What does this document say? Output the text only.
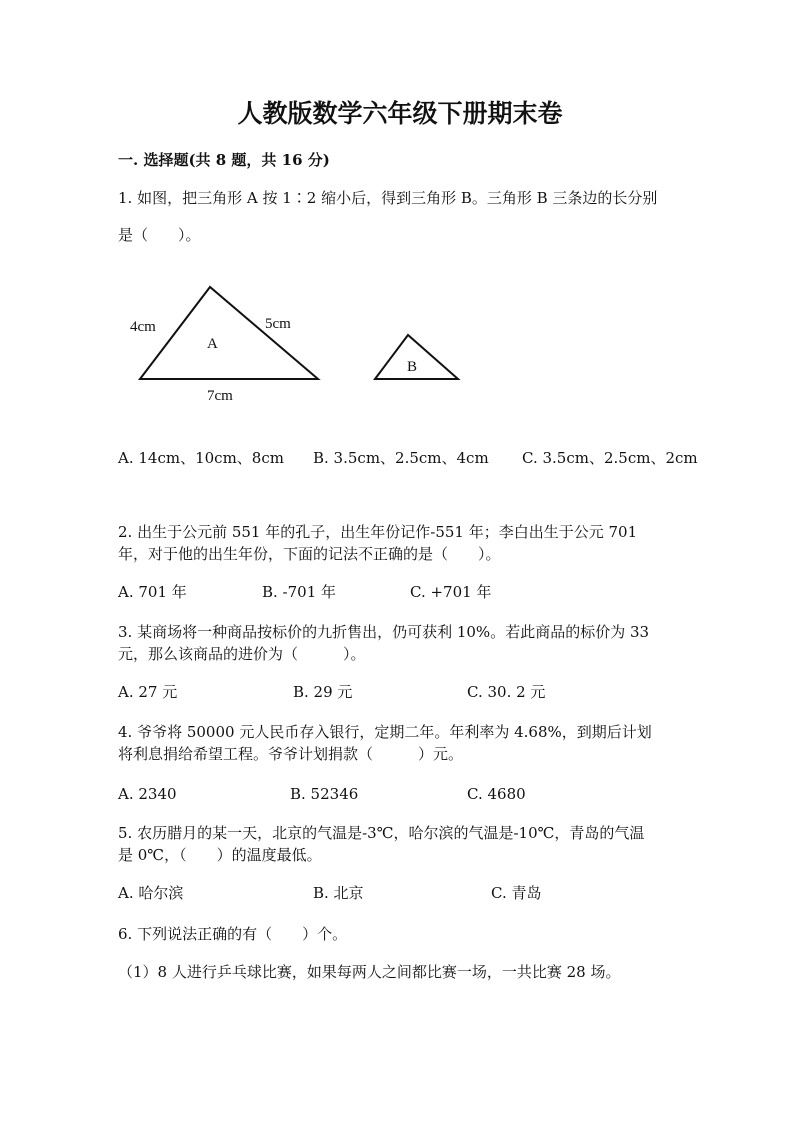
人教版数学六年级下册期末卷
一. 选择题(共 8 题，共 16 分)
1. 如图，把三角形 A 按 1∶2 缩小后，得到三角形 B。三角形 B 三条边的长分别
是（　　）。
4cm	5cm
7cm
A
B
A. 14cm、10cm、8cm B. 3.5cm、2.5cm、4cm C. 3.5cm、2.5cm、2cm
2. 出生于公元前 551 年的孔子，出生年份记作-551 年；李白出生于公元 701
年，对于他的出生年份，下面的记法不正确的是（　　）。
A. 701 年	B. -701 年	C. +701 年
3. 某商场将一种商品按标价的九折售出，仍可获利 10%。若此商品的标价为 33
元，那么该商品的进价为（　　　）。
A. 27 元	B. 29 元	C. 30. 2 元
4. 爷爷将 50000 元人民币存入银行，定期二年。年利率为 4.68%，到期后计划
将利息捐给希望工程。爷爷计划捐款（　　　）元。
A. 2340	B. 52346	C. 4680
5. 农历腊月的某一天，北京的气温是-3℃，哈尔滨的气温是-10℃，青岛的气温
是 0℃，（　　）的温度最低。
A. 哈尔滨	B. 北京	C. 青岛
6. 下列说法正确的有（　　）个。
（1）8 人进行乒乓球比赛，如果每两人之间都比赛一场，一共比赛 28 场。
